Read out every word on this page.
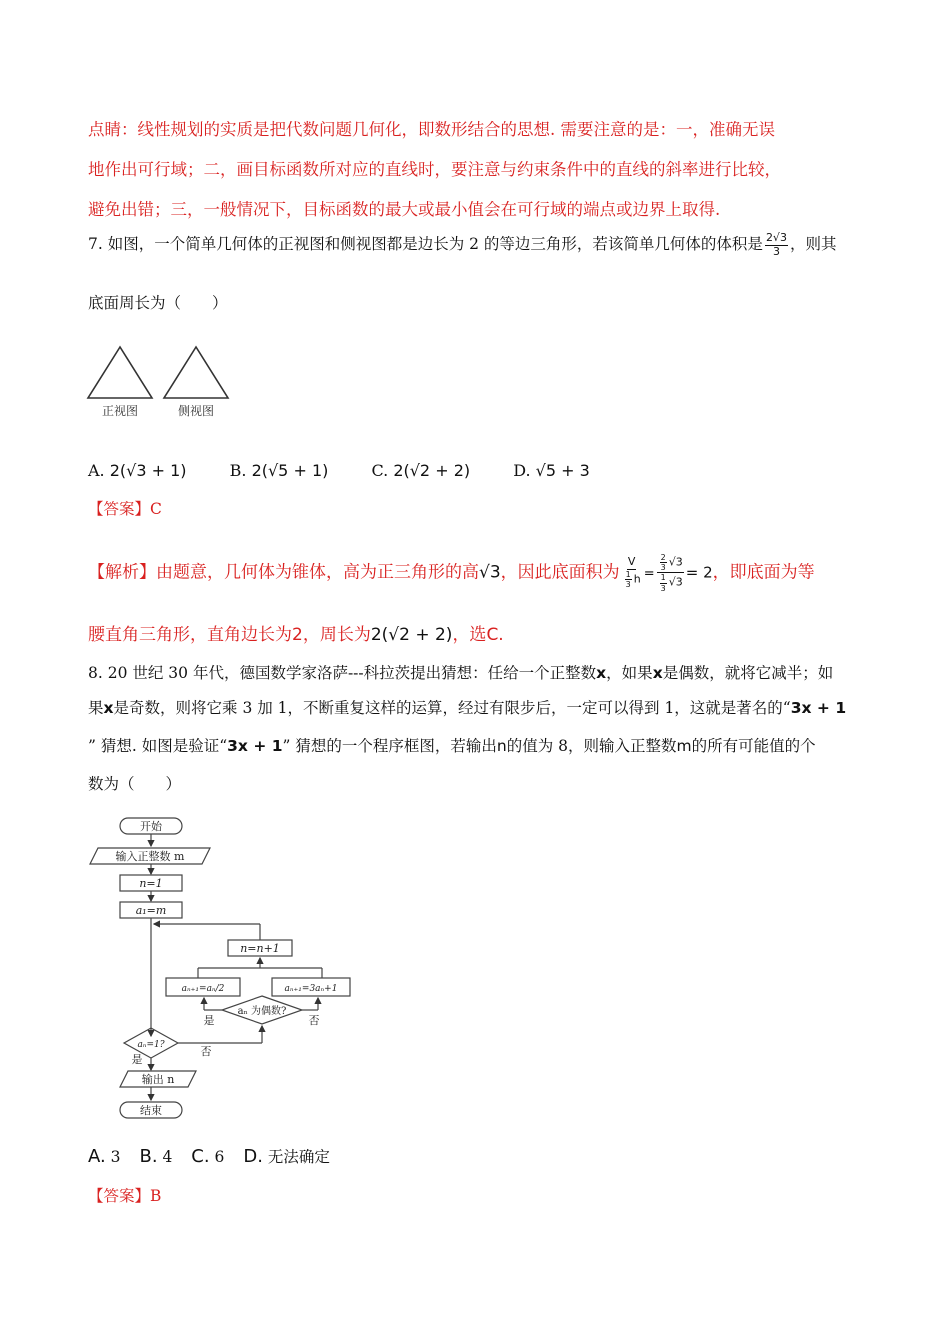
点睛：线性规划的实质是把代数问题几何化，即数形结合的思想. 需要注意的是：一，准确无误
地作出可行域；二，画目标函数所对应的直线时，要注意与约束条件中的直线的斜率进行比较，
避免出错；三，一般情况下，目标函数的最大或最小值会在可行域的端点或边界上取得.
7. 如图，一个简单几何体的正视图和侧视图都是边长为 2 的等边三角形，若该简单几何体的体积是 $\frac{2√3}{3}$ ，则其
底面周长为（　　）
正视图	侧视图
A. 2(√3 + 1)	B. 2(√5 + 1)	C. 2(√2 + 2)	D. √5 + 3
【答案】C
【解析】由题意，几何体为锥体，高为正三角形的高√3，因此底面积为 $\frac{V}{\frac{1}{3} h} = \frac{\frac{2}{3} √3}{\frac{1}{3} √3} = 2$，即底面为等
腰直角三角形，直角边长为2，周长为2(√2 + 2)，选C.
8. 20 世纪 30 年代，德国数学家洛萨---科拉茨提出猜想：任给一个正整数x，如果x是偶数，就将它减半；如
果x是奇数，则将它乘 3 加 1，不断重复这样的运算，经过有限步后，一定可以得到 1，这就是著名的“3x + 1
” 猜想. 如图是验证“3x + 1” 猜想的一个程序框图，若输出n的值为 8，则输入正整数m的所有可能值的个
数为（　　）
开始
输入正整数 m
n=1
a₁=m
n=n+1
aₙ₊₁=aₙ/2	aₙ₊₁=3aₙ+1
aₙ 为偶数?
是	否
aₙ=1?
是
否
输出 n
结束
A. 3 B. 4 C. 6 D. 无法确定
【答案】B
